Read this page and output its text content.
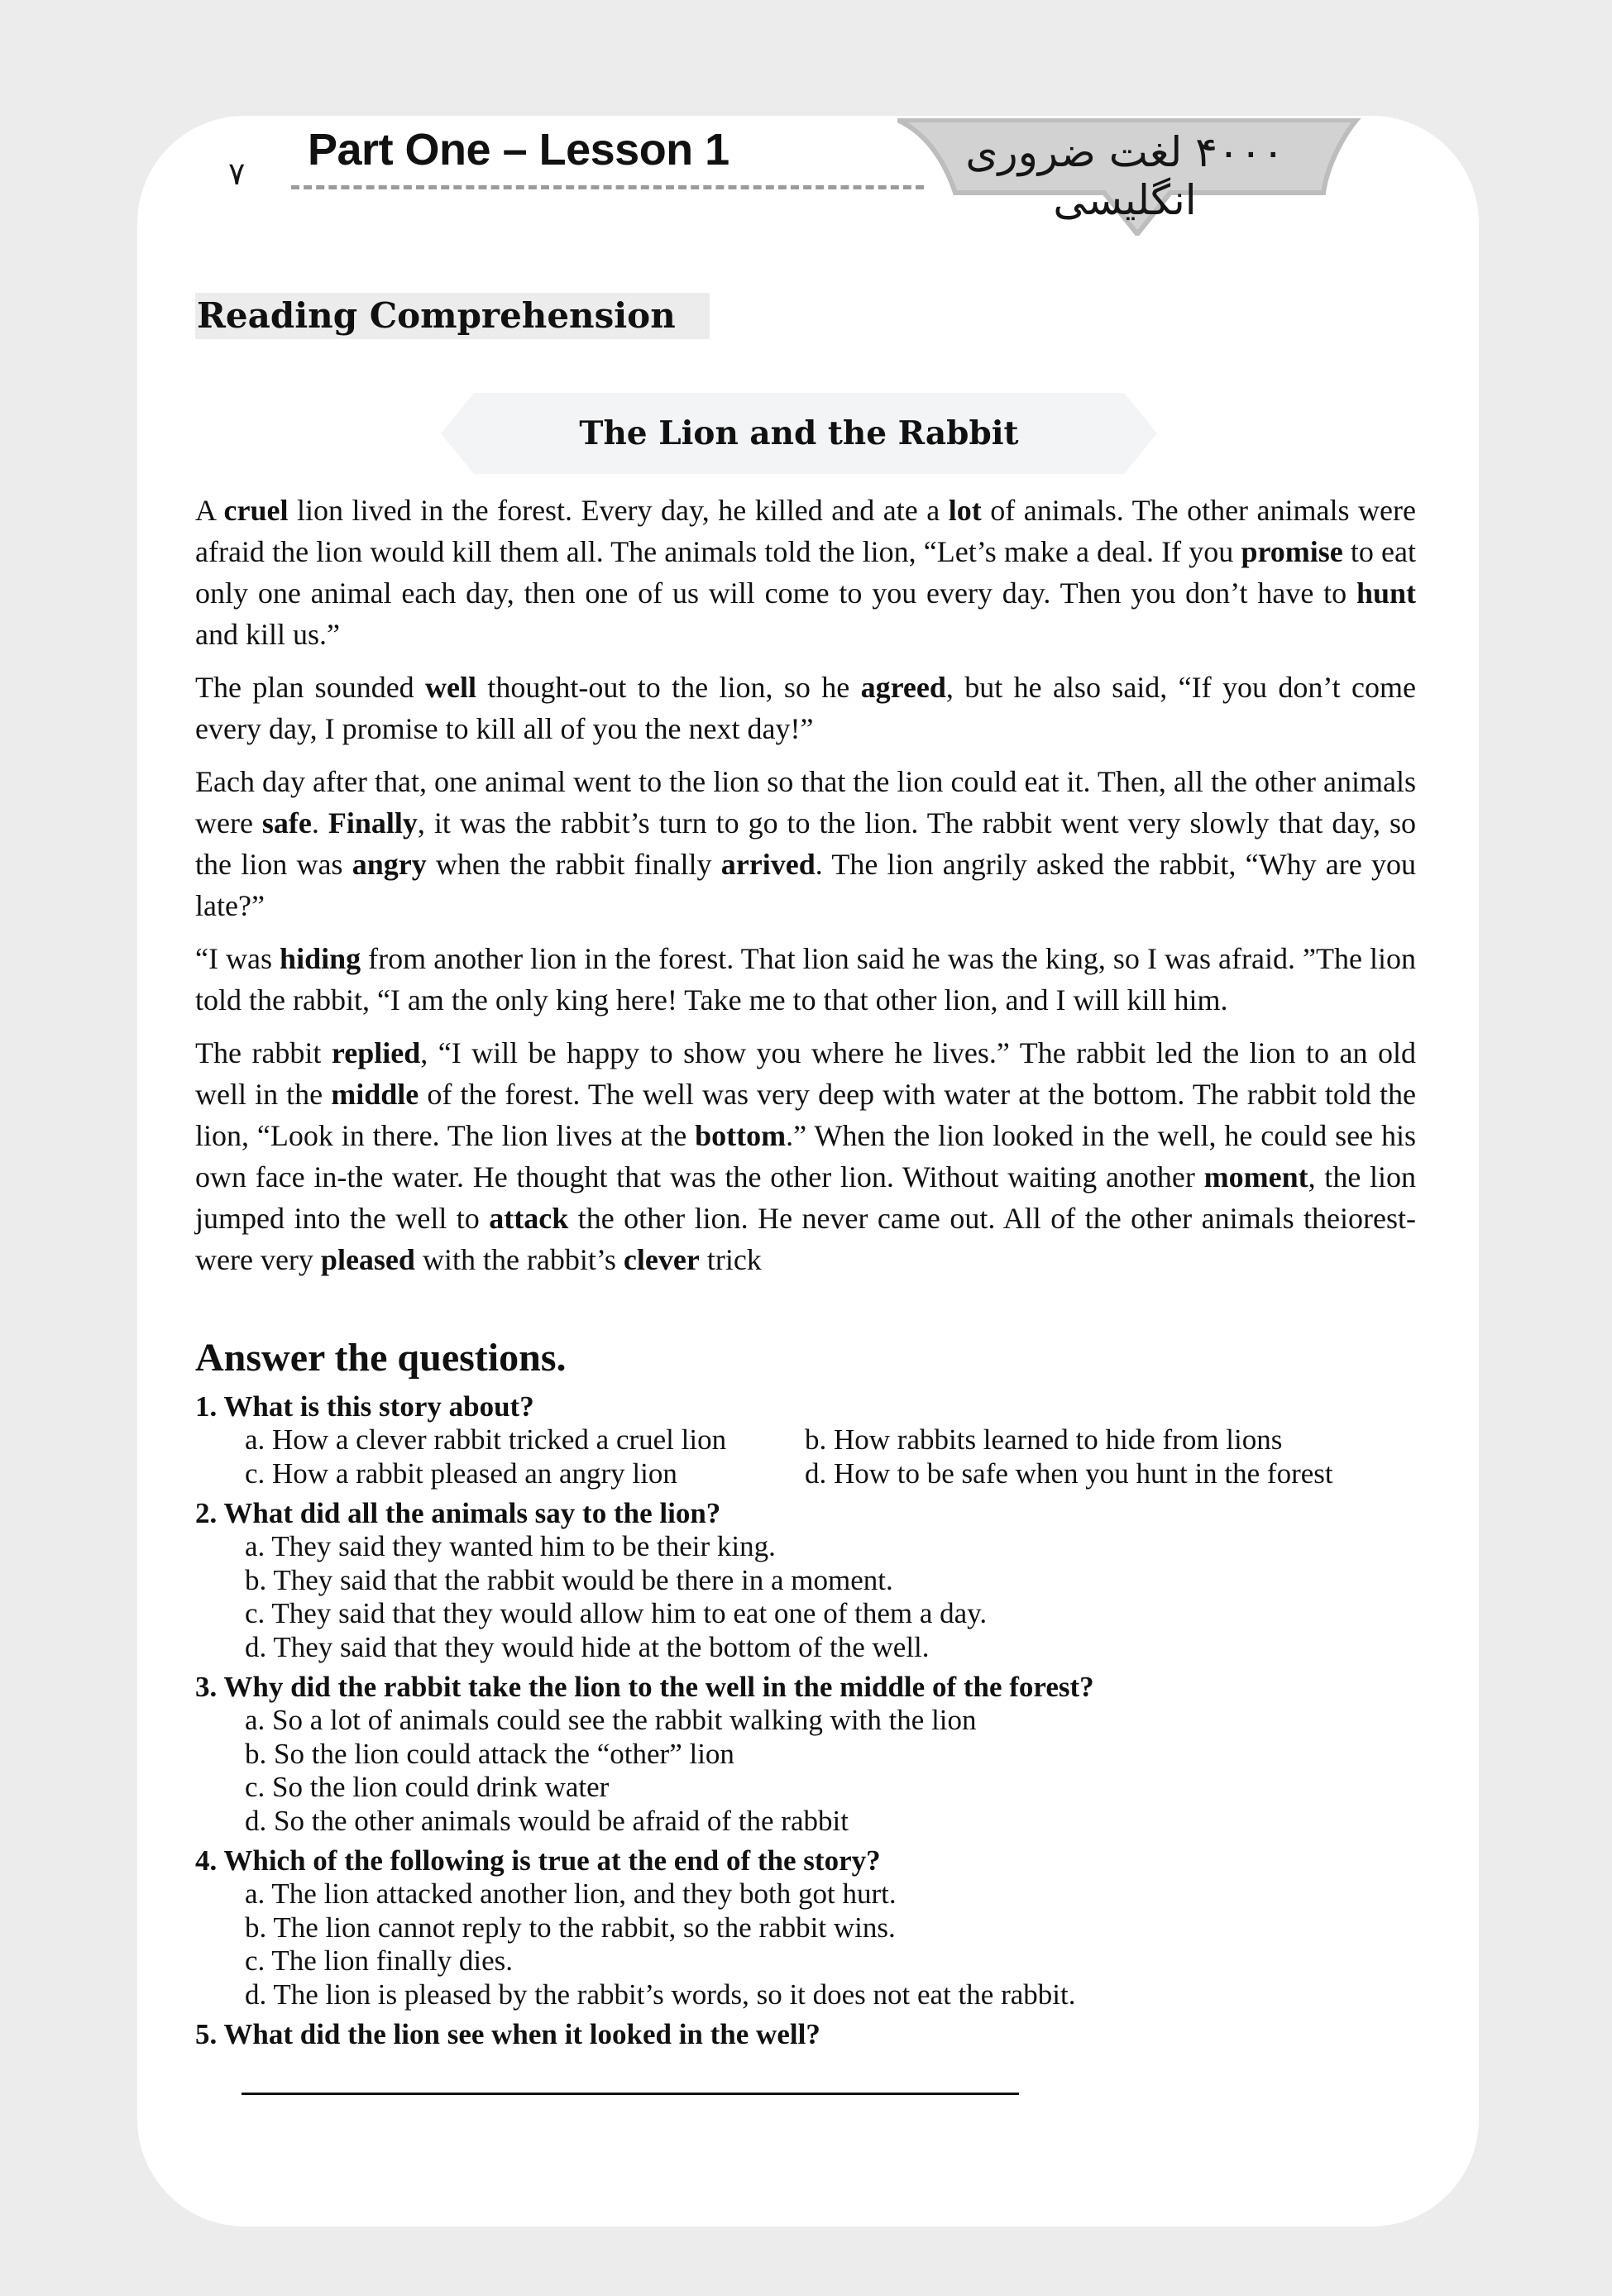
۴۰۰۰ لغت ضروری انگلیسی
۷ Part One – Lesson 1
Reading Comprehension
The Lion and the Rabbit

A cruel lion lived in the forest. Every day, he killed and ate a lot of animals. The other animals were afraid the lion would kill them all. The animals told the lion, “Let’s make a deal. If you promise to eat only one animal each day, then one of us will come to you every day. Then you don’t have to hunt and kill us.”

The plan sounded well thought-out to the lion, so he agreed, but he also said, “If you don’t come every day, I promise to kill all of you the next day!”

Each day after that, one animal went to the lion so that the lion could eat it. Then, all the other animals were safe. Finally, it was the rabbit’s turn to go to the lion. The rabbit went very slowly that day, so the lion was angry when the rabbit finally arrived. The lion angrily asked the rabbit, “Why are you late?”

“I was hiding from another lion in the forest. That lion said he was the king, so I was afraid. ”The lion told the rabbit, “I am the only king here! Take me to that other lion, and I will kill him.

The rabbit replied, “I will be happy to show you where he lives.” The rabbit led the lion to an old well in the middle of the forest. The well was very deep with water at the bottom. The rabbit told the lion, “Look in there. The lion lives at the bottom.” When the lion looked in the well, he could see his own face in-the water. He thought that was the other lion. Without waiting another moment, the lion jumped into the well to attack the other lion. He never came out. All of the other animals theiorest-were very pleased with the rabbit’s clever trick

Answer the questions.
1. What is this story about?
a. How a clever rabbit tricked a cruel lion	b. How rabbits learned to hide from lions
c. How a rabbit pleased an angry lion	d. How to be safe when you hunt in the forest
2. What did all the animals say to the lion?
a. They said they wanted him to be their king.
b. They said that the rabbit would be there in a moment.
c. They said that they would allow him to eat one of them a day.
d. They said that they would hide at the bottom of the well.
3. Why did the rabbit take the lion to the well in the middle of the forest?
a. So a lot of animals could see the rabbit walking with the lion
b. So the lion could attack the “other” lion
c. So the lion could drink water
d. So the other animals would be afraid of the rabbit
4. Which of the following is true at the end of the story?
a. The lion attacked another lion, and they both got hurt.
b. The lion cannot reply to the rabbit, so the rabbit wins.
c. The lion finally dies.
d. The lion is pleased by the rabbit’s words, so it does not eat the rabbit.
5. What did the lion see when it looked in the well?
